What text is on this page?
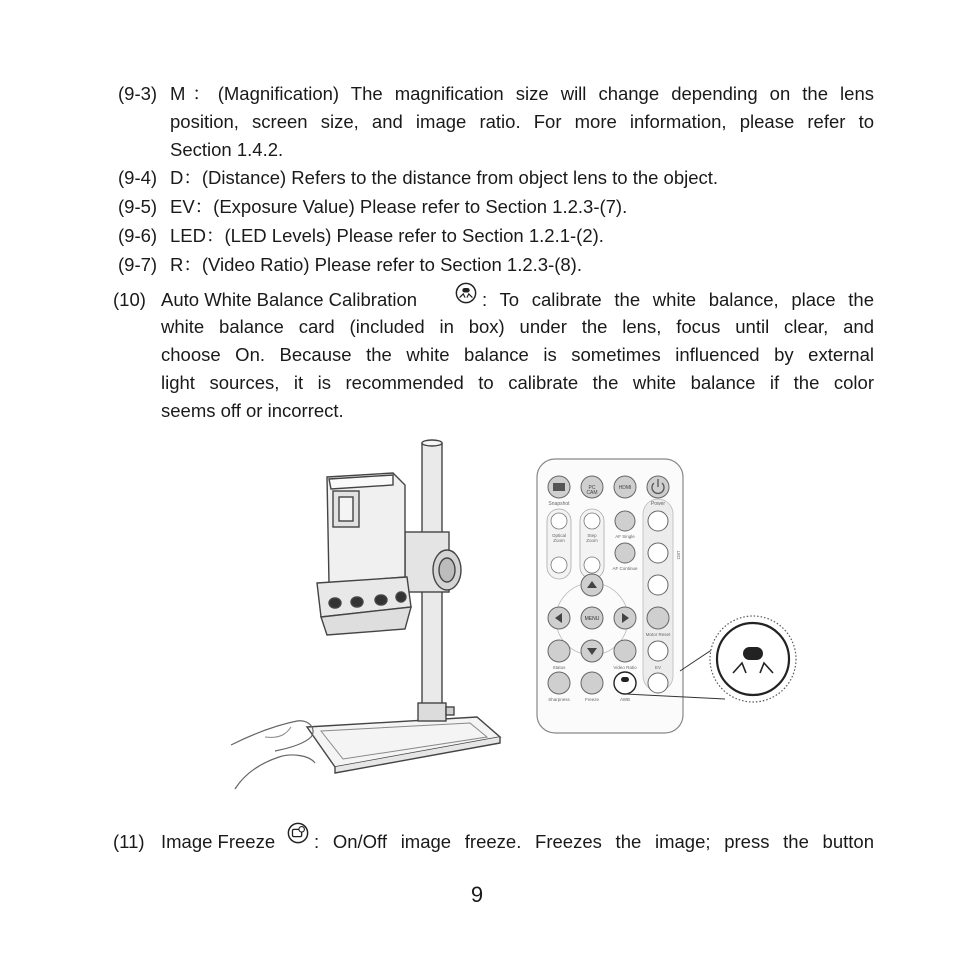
(9-3) M：(Magnification) The magnification size will change depending on the lens
position, screen size, and image ratio. For more information, please refer to
Section 1.4.2.
(9-4) D：(Distance) Refers to the distance from object lens to the object.
(9-5) EV：(Exposure Value) Please refer to Section 1.2.3-(7).
(9-6) LED：(LED Levels) Please refer to Section 1.2.1-(2).
(9-7) R：(Video Ratio) Please refer to Section 1.2.3-(8).
(10) Auto White Balance Calibration	: To calibrate the white balance, place the
white balance card (included in box) under the lens, focus until clear, and
choose On. Because the white balance is sometimes influenced by external
light sources, it is recommended to calibrate the white balance if the color
seems off or incorrect.
Snapshot
PC CAM
HDMI
Power
Optical Zoom
Step Zoom
AF Single
AF Continue
LED
MENU
Motor Reset
Status	Video Ratio	EV
Sharpness	Freeze	AWB
(11) Image Freeze : On/Off image freeze. Freezes the image; press the button
9
